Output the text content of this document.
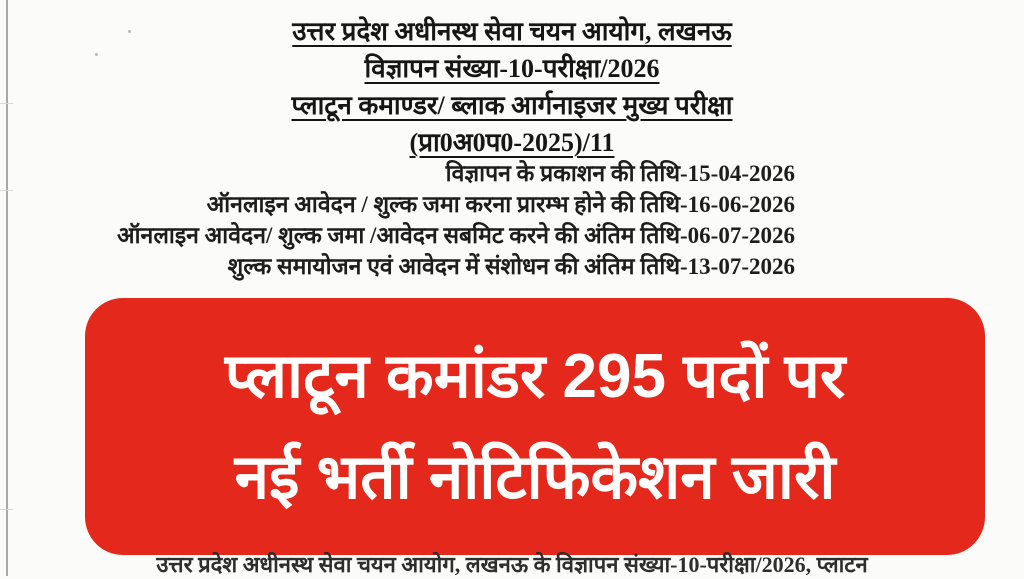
उत्तर प्रदेश अधीनस्थ सेवा चयन आयोग, लखनऊ
विज्ञापन संख्या-10-परीक्षा/2026
प्लाटून कमाण्डर/ ब्लाक आर्गनाइजर मुख्य परीक्षा
(प्रा0अ0प0-2025)/11
विज्ञापन के प्रकाशन की तिथि-15-04-2026
ऑनलाइन आवेदन / शुल्क जमा करना प्रारम्भ होने की तिथि-16-06-2026
ऑनलाइन आवेदन/ शुल्क जमा /आवेदन सबमिट करने की अंतिम तिथि-06-07-2026
शुल्क समायोजन एवं आवेदन में संशोधन की अंतिम तिथि-13-07-2026
प्लाटून कमांडर 295 पदों पर
नई भर्ती नोटिफिकेशन जारी
उत्तर प्रदेश अधीनस्थ सेवा चयन आयोग, लखनऊ के विज्ञापन संख्या-10-परीक्षा/2026, प्लाटन
